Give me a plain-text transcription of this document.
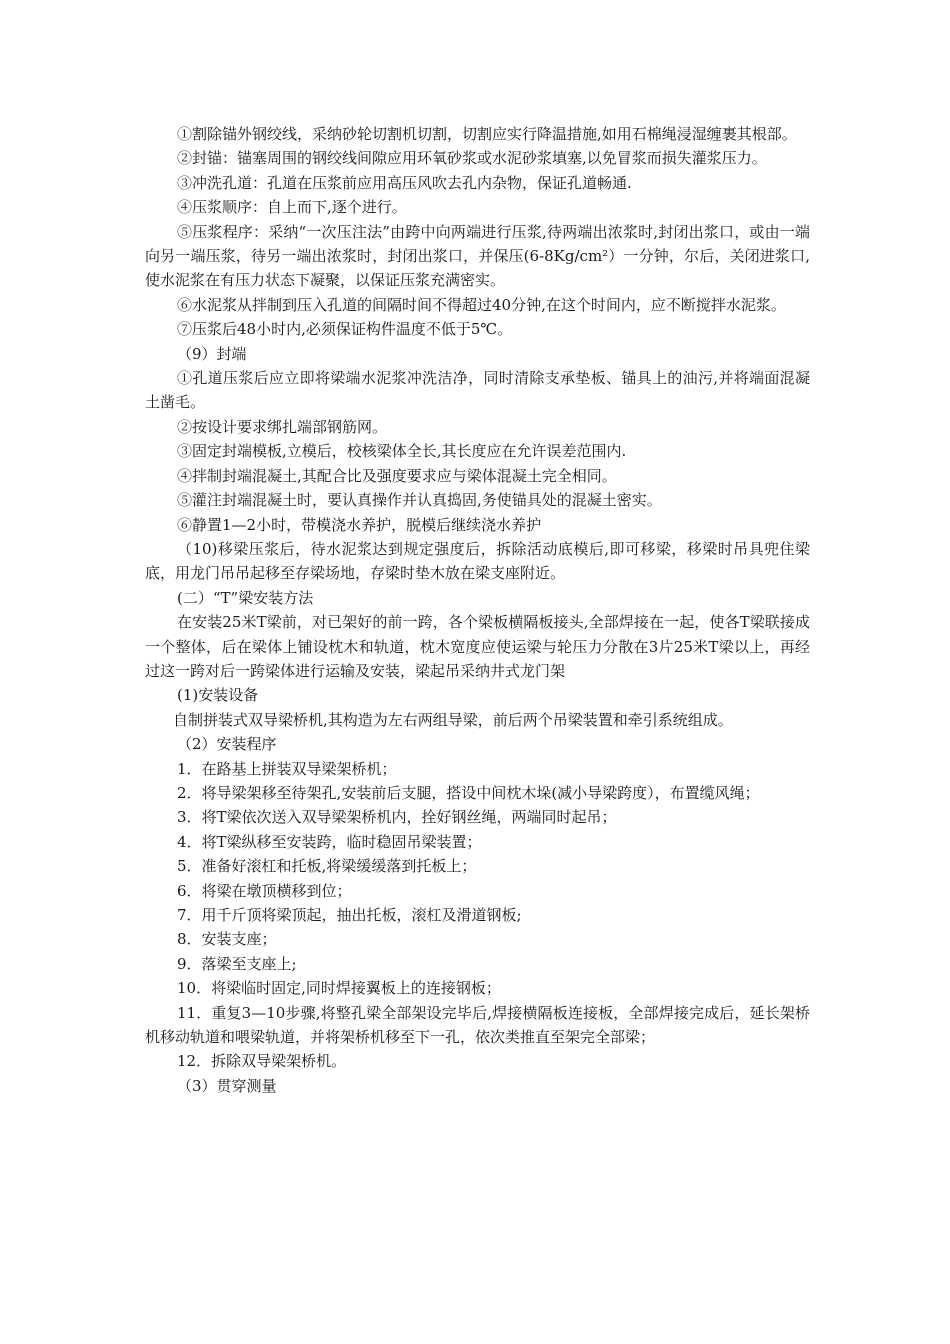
①割除锚外钢绞线，采纳砂轮切割机切割，切割应实行降温措施,如用石棉绳浸湿缠裹其根部。

②封锚：锚塞周围的钢绞线间隙应用环氧砂浆或水泥砂浆填塞,以免冒浆而损失灌浆压力。

③冲洗孔道：孔道在压浆前应用高压风吹去孔内杂物，保证孔道畅通.

④压浆顺序：自上而下,逐个进行。

⑤压浆程序：采纳“一次压注法”由跨中向两端进行压浆,待两端出浓浆时,封闭出浆口，或由一端向另一端压浆，待另一端出浓浆时，封闭出浆口，并保压(6-8Kg/cm²）一分钟，尔后，关闭进浆口,使水泥浆在有压力状态下凝聚，以保证压浆充满密实。

⑥水泥浆从拌制到压入孔道的间隔时间不得超过40分钟,在这个时间内，应不断搅拌水泥浆。

⑦压浆后48小时内,必须保证构件温度不低于5℃。

（9）封端

①孔道压浆后应立即将梁端水泥浆冲洗洁净，同时清除支承垫板、锚具上的油污,并将端面混凝土凿毛。

②按设计要求绑扎端部钢筋网。

③固定封端模板,立模后，校核梁体全长,其长度应在允许误差范围内.

④拌制封端混凝土,其配合比及强度要求应与梁体混凝土完全相同。

⑤灌注封端混凝土时，要认真操作并认真捣固,务使锚具处的混凝土密实。

⑥静置1—2小时，带模浇水养护，脱模后继续浇水养护

（10)移梁压浆后，待水泥浆达到规定强度后，拆除活动底模后,即可移梁，移梁时吊具兜住梁底，用龙门吊吊起移至存梁场地，存梁时垫木放在梁支座附近。

(二）“T”梁安装方法

在安装25米T梁前，对已架好的前一跨，各个梁板横隔板接头,全部焊接在一起，使各T梁联接成一个整体，后在梁体上铺设枕木和轨道，枕木宽度应使运梁与轮压力分散在3片25米T梁以上，再经过这一跨对后一跨梁体进行运输及安装，梁起吊采纳井式龙门架

(1)安装设备

自制拼装式双导梁桥机,其构造为左右两组导梁，前后两个吊梁装置和牵引系统组成。

（2）安装程序

1．在路基上拼装双导梁架桥机；

2．将导梁架移至待架孔,安装前后支腿，搭设中间枕木垛(减小导梁跨度），布置缆风绳；

3．将T梁依次送入双导梁架桥机内，拴好钢丝绳，两端同时起吊；

4．将T梁纵移至安装跨，临时稳固吊梁装置；

5．准备好滚杠和托板,将梁缓缓落到托板上；

6．将梁在墩顶横移到位；

7．用千斤顶将梁顶起，抽出托板，滚杠及滑道钢板;

8．安装支座；

9．落梁至支座上;

10．将梁临时固定,同时焊接翼板上的连接钢板；

11．重复3—10步骤,将整孔梁全部架设完毕后,焊接横隔板连接板，全部焊接完成后，延长架桥机移动轨道和喂梁轨道，并将架桥机移至下一孔，依次类推直至架完全部梁；

12．拆除双导梁架桥机。

（3）贯穿测量
